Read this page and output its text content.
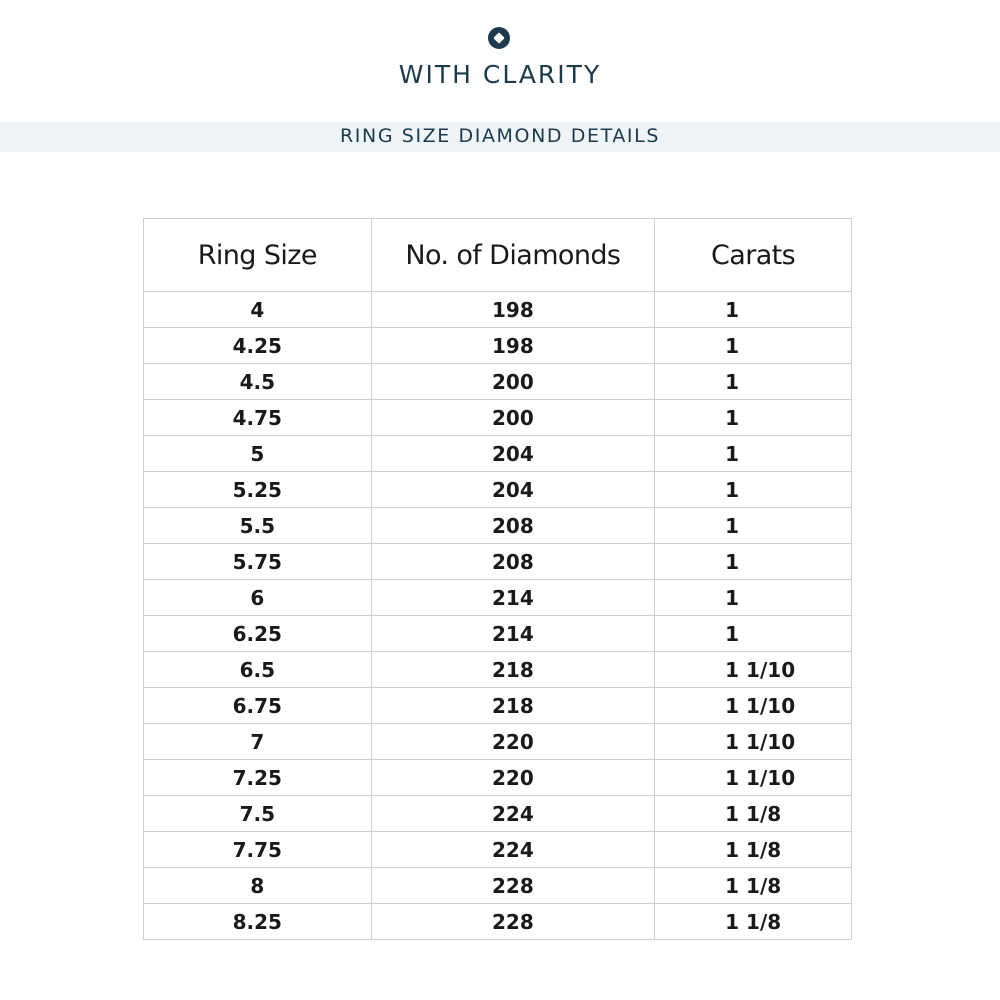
WITH CLARITY
RING SIZE DIAMOND DETAILS
Ring Size	No. of Diamonds	Carats
4	198	1
4.25	198	1
4.5	200	1
4.75	200	1
5	204	1
5.25	204	1
5.5	208	1
5.75	208	1
6	214	1
6.25	214	1
6.5	218	1 1/10
6.75	218	1 1/10
7	220	1 1/10
7.25	220	1 1/10
7.5	224	1 1/8
7.75	224	1 1/8
8	228	1 1/8
8.25	228	1 1/8
